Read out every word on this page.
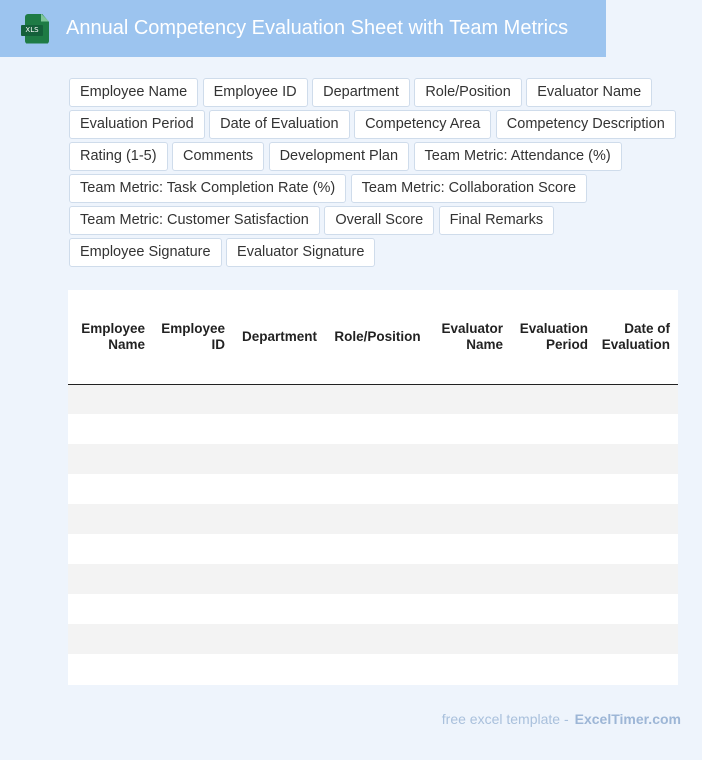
XLS Annual Competency Evaluation Sheet with Team Metrics
Employee Name Employee ID Department Role/Position Evaluator Name Evaluation Period Date of Evaluation Competency Area Competency Description Rating (1-5) Comments Development Plan Team Metric: Attendance (%) Team Metric: Task Completion Rate (%) Team Metric: Collaboration Score Team Metric: Customer Satisfaction Overall Score Final Remarks Employee Signature Evaluator Signature
Employee Name	Employee ID	Department	Role/Position	Evaluator Name	Evaluation Period	Date of Evaluation

free excel template - ExcelTimer.com
